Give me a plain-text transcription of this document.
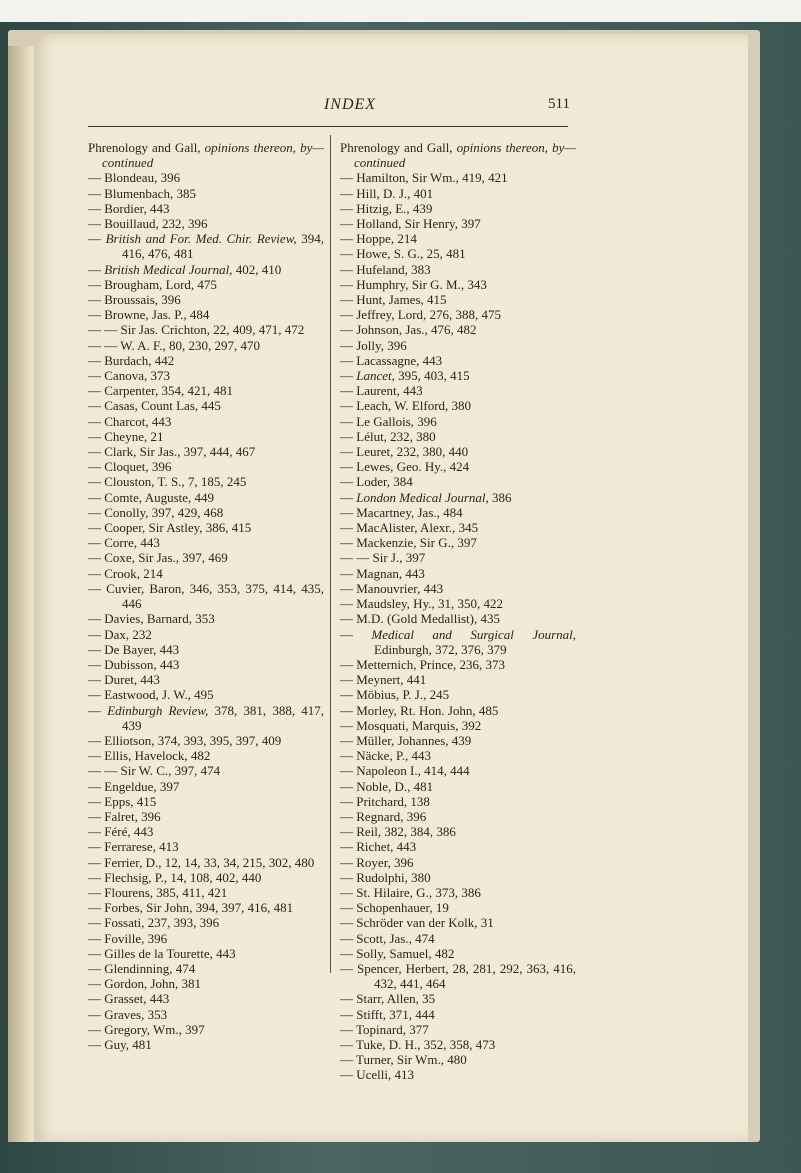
INDEX	511
Phrenology and Gall, opinions thereon, by—continued
— Blondeau, 396
— Blumenbach, 385
— Bordier, 443
— Bouillaud, 232, 396
— British and For. Med. Chir. Review, 394, 416, 476, 481
— British Medical Journal, 402, 410
— Brougham, Lord, 475
— Broussais, 396
— Browne, Jas. P., 484
— — Sir Jas. Crichton, 22, 409, 471, 472
— — W. A. F., 80, 230, 297, 470
— Burdach, 442
— Canova, 373
— Carpenter, 354, 421, 481
— Casas, Count Las, 445
— Charcot, 443
— Cheyne, 21
— Clark, Sir Jas., 397, 444, 467
— Cloquet, 396
— Clouston, T. S., 7, 185, 245
— Comte, Auguste, 449
— Conolly, 397, 429, 468
— Cooper, Sir Astley, 386, 415
— Corre, 443
— Coxe, Sir Jas., 397, 469
— Crook, 214
— Cuvier, Baron, 346, 353, 375, 414, 435, 446
— Davies, Barnard, 353
— Dax, 232
— De Bayer, 443
— Dubisson, 443
— Duret, 443
— Eastwood, J. W., 495
— Edinburgh Review, 378, 381, 388, 417, 439
— Elliotson, 374, 393, 395, 397, 409
— Ellis, Havelock, 482
— — Sir W. C., 397, 474
— Engeldue, 397
— Epps, 415
— Falret, 396
— Féré, 443
— Ferrarese, 413
— Ferrier, D., 12, 14, 33, 34, 215, 302, 480
— Flechsig, P., 14, 108, 402, 440
— Flourens, 385, 411, 421
— Forbes, Sir John, 394, 397, 416, 481
— Fossati, 237, 393, 396
— Foville, 396
— Gilles de la Tourette, 443
— Glendinning, 474
— Gordon, John, 381
— Grasset, 443
— Graves, 353
— Gregory, Wm., 397
— Guy, 481
Phrenology and Gall, opinions thereon, by—continued
— Hamilton, Sir Wm., 419, 421
— Hill, D. J., 401
— Hitzig, E., 439
— Holland, Sir Henry, 397
— Hoppe, 214
— Howe, S. G., 25, 481
— Hufeland, 383
— Humphry, Sir G. M., 343
— Hunt, James, 415
— Jeffrey, Lord, 276, 388, 475
— Johnson, Jas., 476, 482
— Jolly, 396
— Lacassagne, 443
— Lancet, 395, 403, 415
— Laurent, 443
— Leach, W. Elford, 380
— Le Gallois, 396
— Lélut, 232, 380
— Leuret, 232, 380, 440
— Lewes, Geo. Hy., 424
— Loder, 384
— London Medical Journal, 386
— Macartney, Jas., 484
— MacAlister, Alexr., 345
— Mackenzie, Sir G., 397
— — Sir J., 397
— Magnan, 443
— Manouvrier, 443
— Maudsley, Hy., 31, 350, 422
— M.D. (Gold Medallist), 435
— Medical and Surgical Journal, Edinburgh, 372, 376, 379
— Metternich, Prince, 236, 373
— Meynert, 441
— Möbius, P. J., 245
— Morley, Rt. Hon. John, 485
— Mosquati, Marquis, 392
— Müller, Johannes, 439
— Näcke, P., 443
— Napoleon I., 414, 444
— Noble, D., 481
— Pritchard, 138
— Regnard, 396
— Reil, 382, 384, 386
— Richet, 443
— Royer, 396
— Rudolphi, 380
— St. Hilaire, G., 373, 386
— Schopenhauer, 19
— Schröder van der Kolk, 31
— Scott, Jas., 474
— Solly, Samuel, 482
— Spencer, Herbert, 28, 281, 292, 363, 416, 432, 441, 464
— Starr, Allen, 35
— Stifft, 371, 444
— Topinard, 377
— Tuke, D. H., 352, 358, 473
— Turner, Sir Wm., 480
— Ucelli, 413
